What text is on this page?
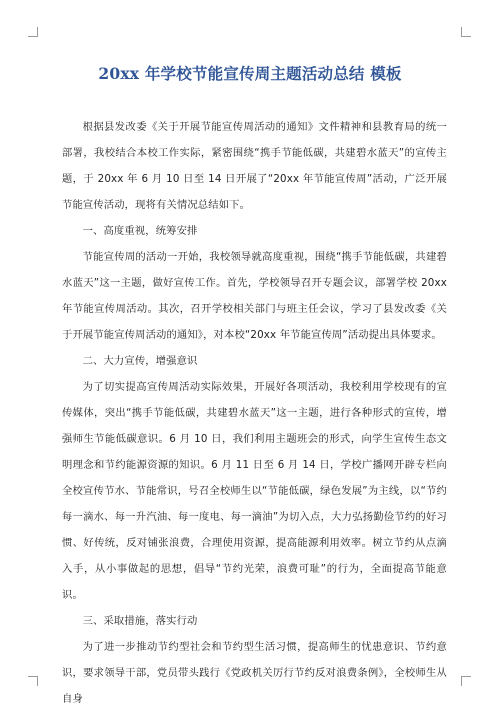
20xx 年学校节能宣传周主题活动总结 模板

根据县发改委《关于开展节能宣传周活动的通知》文件精神和县教育局的统一部署，我校结合本校工作实际，紧密围绕“携手节能低碳，共建碧水蓝天”的宣传主题，于 20xx 年 6 月 10 日至 14 日开展了“20xx 年节能宣传周”活动，广泛开展节能宣传活动，现将有关情况总结如下。

一、高度重视，统筹安排

节能宣传周的活动一开始，我校领导就高度重视，围绕“携手节能低碳，共建碧水蓝天”这一主题，做好宣传工作。首先，学校领导召开专题会议，部署学校 20xx 年节能宣传周活动。其次，召开学校相关部门与班主任会议，学习了县发改委《关于开展节能宣传周活动的通知》，对本校“20xx 年节能宣传周”活动提出具体要求。

二、大力宣传，增强意识

为了切实提高宣传周活动实际效果，开展好各项活动，我校利用学校现有的宣传媒体，突出“携手节能低碳，共建碧水蓝天”这一主题，进行各种形式的宣传，增强师生节能低碳意识。6 月 10 日，我们利用主题班会的形式，向学生宣传生态文明理念和节约能源资源的知识。6 月 11 日至 6 月 14 日，学校广播网开辟专栏向全校宣传节水、节能常识，号召全校师生以“节能低碳，绿色发展”为主线，以“节约每一滴水、每一升汽油、每一度电、每一滴油”为切入点，大力弘扬勤俭节约的好习惯、好传统，反对铺张浪费，合理使用资源，提高能源利用效率。树立节约从点滴入手，从小事做起的思想，倡导“节约光荣，浪费可耻”的行为，全面提高节能意识。

三、采取措施，落实行动

为了进一步推动节约型社会和节约型生活习惯，提高师生的忧患意识、节约意识，要求领导干部，党员带头践行《党政机关厉行节约反对浪费条例》，全校师生从自身
